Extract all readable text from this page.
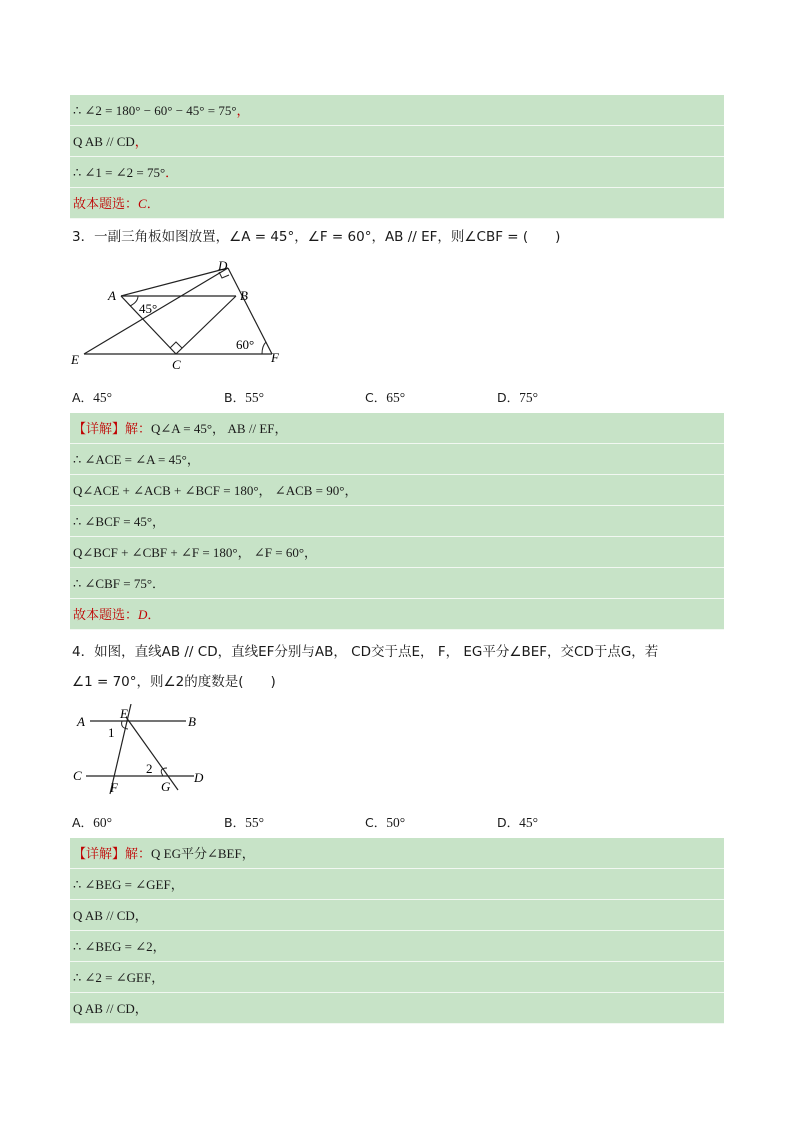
∴ ∠2 = 180° − 60° − 45° = 75°，
Q AB // CD，
∴ ∠1 = ∠2 = 75°．
故本题选：C．
3．一副三角板如图放置，∠A = 45°，∠F = 60°，AB // EF，则∠CBF = (　　)
D
A	B
E	C	F
45°
60°
A．45°	B．55°	C．65°	D．75°
【详解】解：Q∠A = 45°， AB // EF，
∴ ∠ACE = ∠A = 45°，
Q∠ACE + ∠ACB + ∠BCF = 180°， ∠ACB = 90°，
∴ ∠BCF = 45°，
Q∠BCF + ∠CBF + ∠F = 180°， ∠F = 60°，
∴ ∠CBF = 75°．
故本题选：D．
4．如图，直线AB // CD，直线EF分别与AB， CD交于点E， F， EG平分∠BEF，交CD于点G，若
∠1 = 70°，则∠2的度数是(　　)
A	B
E
1
C	D
2
F	G
A．60°	B．55°	C．50°	D．45°
【详解】解：Q EG平分∠BEF，
∴ ∠BEG = ∠GEF，
Q AB // CD，
∴ ∠BEG = ∠2，
∴ ∠2 = ∠GEF，
Q AB // CD，
